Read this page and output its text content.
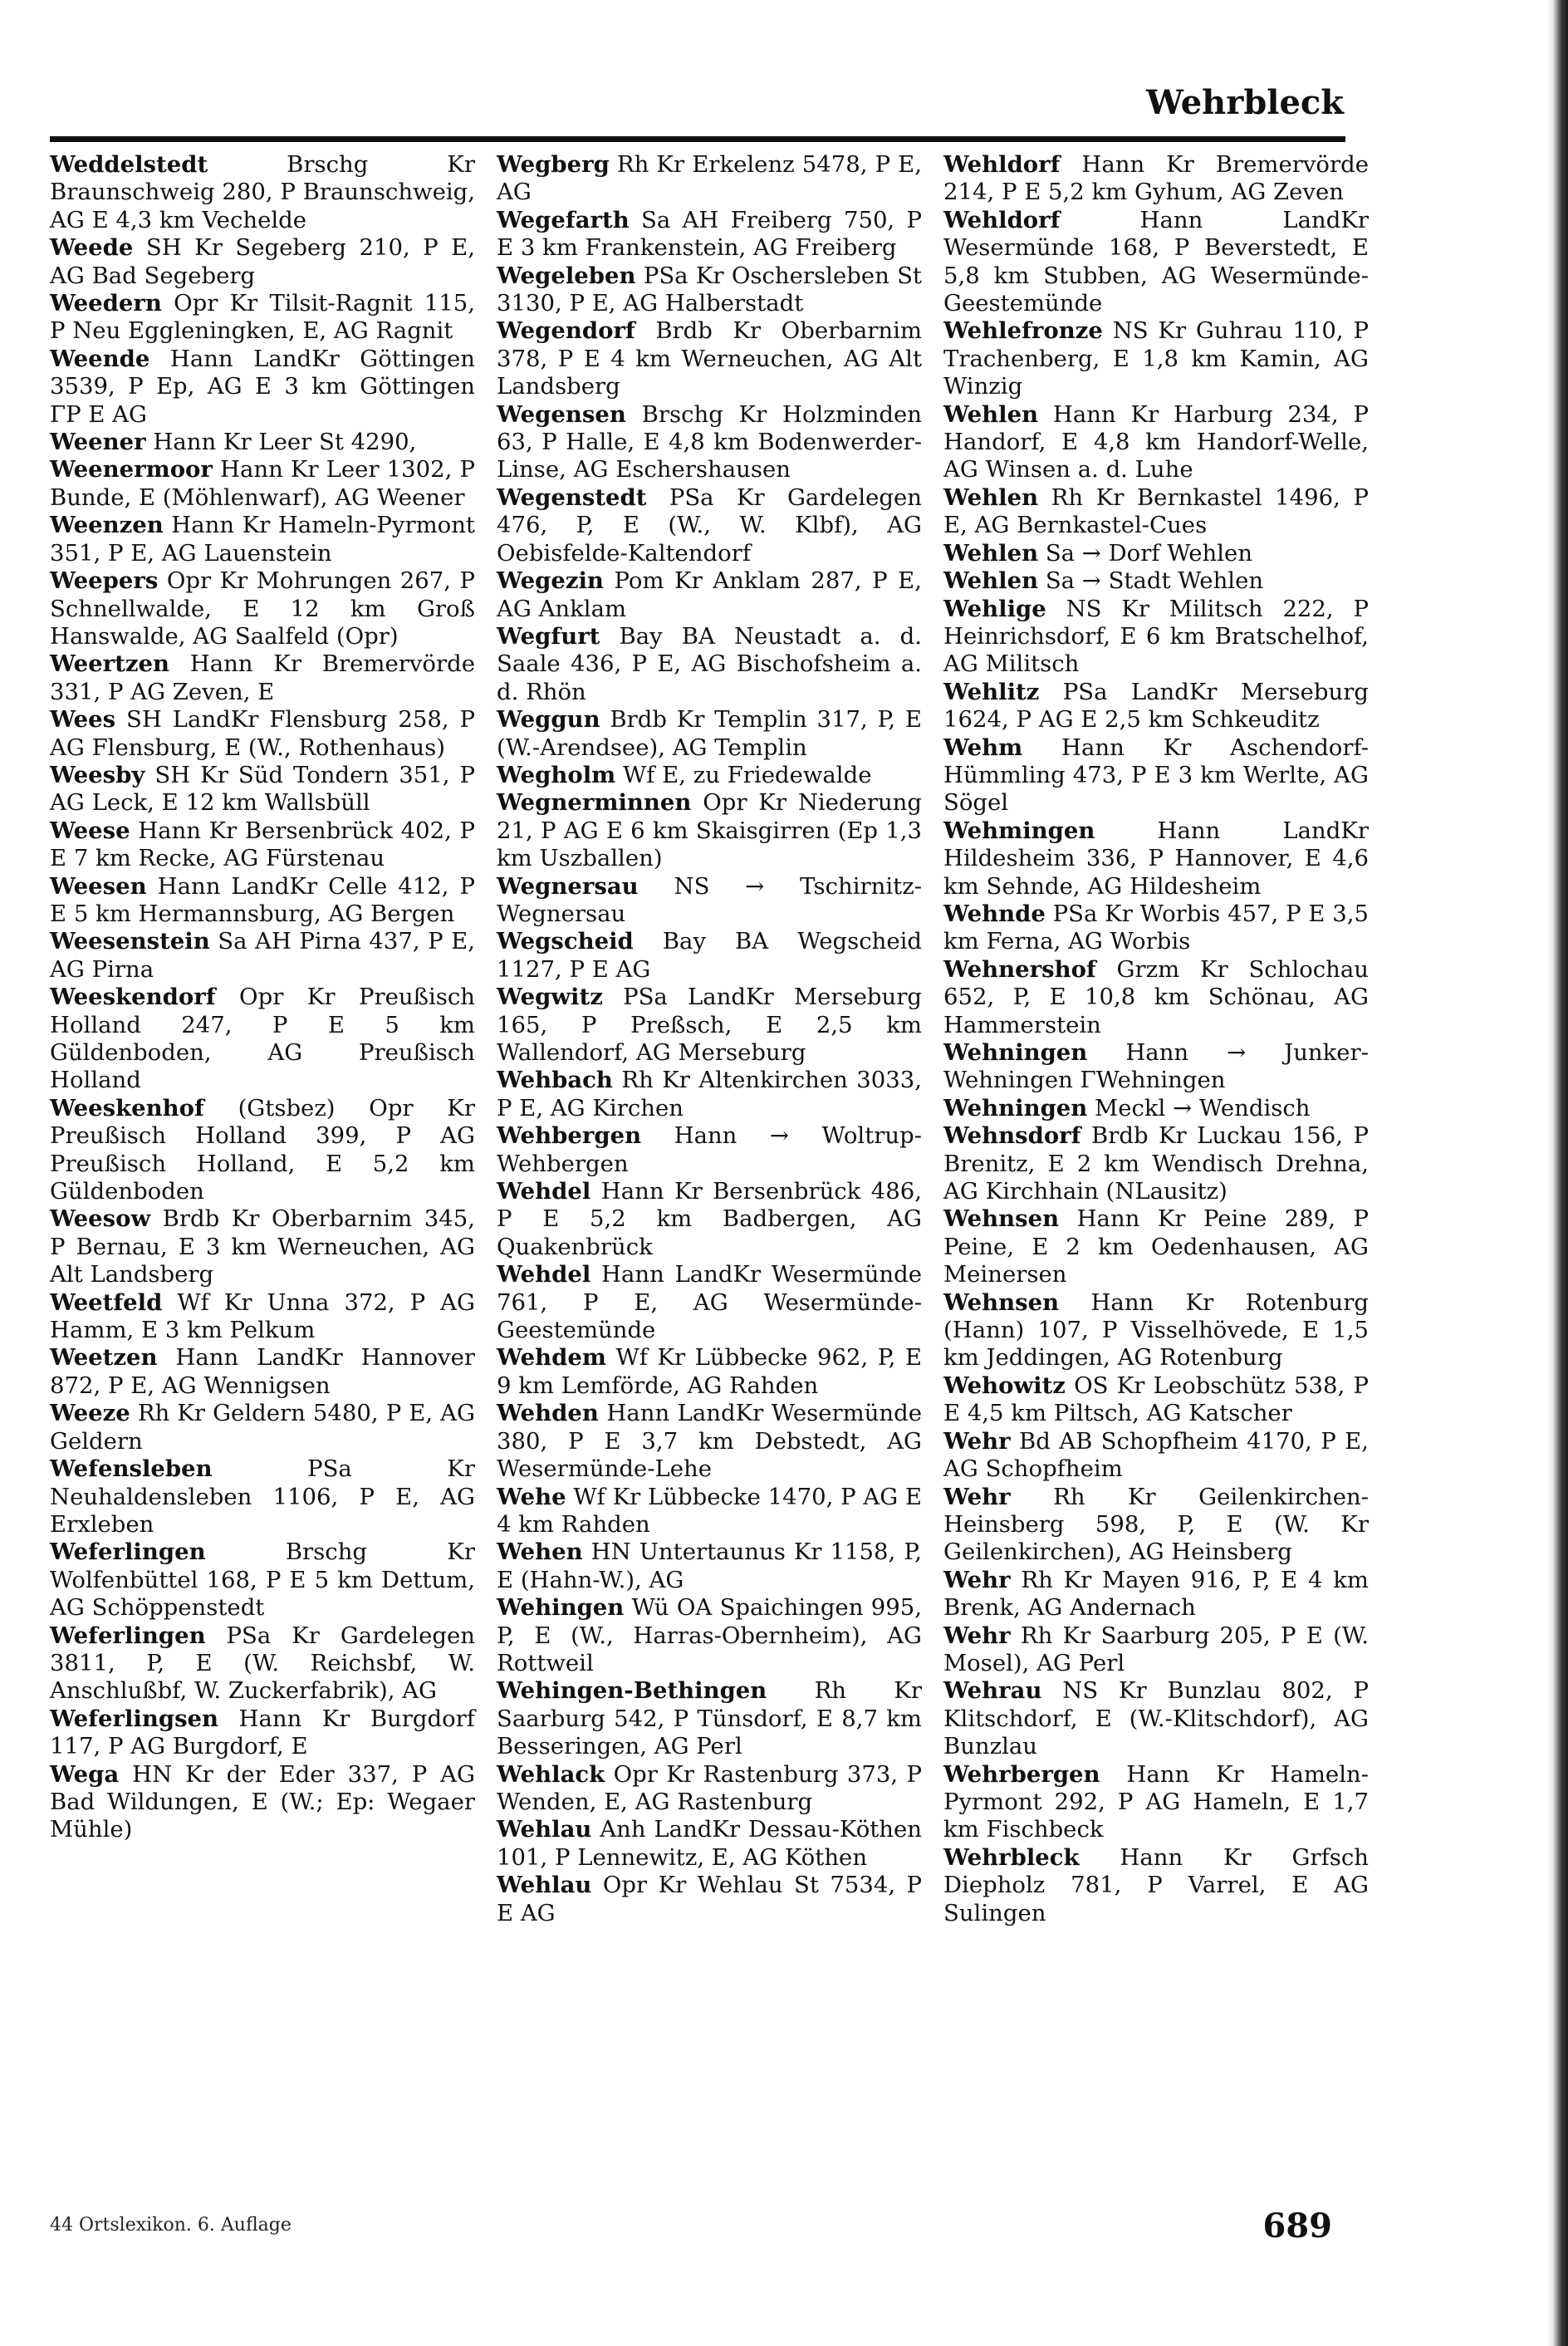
Wehrbleck

Weddelstedt	Brschg Kr Braunschweig 280, P Braunschweig, AG E 4,3 km Vechelde

Weede SH Kr Segeberg 210, P E, AG Bad Segeberg

Weedern Opr Kr Tilsit-Ragnit 115, P Neu Eggleningken, E, AG Ragnit

Weende Hann LandKr Göttingen 3539, P Ep, AG E 3 km Göttingen ΓP E AG

Weener Hann Kr Leer St 4290,

Weenermoor Hann Kr Leer 1302, P Bunde, E (Möhlenwarf), AG Weener

Weenzen Hann Kr Hameln-Pyrmont 351, P E, AG Lauenstein

Weepers Opr Kr Mohrungen 267, P Schnellwalde, E 12 km Groß Hanswalde, AG Saalfeld (Opr)

Weertzen Hann Kr Bremervörde 331, P AG Zeven, E

Wees SH LandKr Flensburg 258, P AG Flensburg, E (W., Rothenhaus)

Weesby SH Kr Süd Tondern 351, P AG Leck, E 12 km Wallsbüll

Weese Hann Kr Bersenbrück 402, P E 7 km Recke, AG Fürstenau

Weesen Hann LandKr Celle 412, P E 5 km Hermannsburg, AG Bergen

Weesenstein Sa AH Pirna 437, P E, AG Pirna

Weeskendorf Opr Kr Preußisch Holland 247, P E 5 km Güldenboden, AG Preußisch Holland

Weeskenhof (Gtsbez) Opr Kr Preußisch Holland 399, P AG Preußisch Holland, E 5,2 km Güldenboden

Weesow Brdb Kr Oberbarnim 345, P Bernau, E 3 km Werneuchen, AG Alt Landsberg

Weetfeld Wf Kr Unna 372, P AG Hamm, E 3 km Pelkum

Weetzen Hann LandKr Hannover 872, P E, AG Wennigsen

Weeze Rh Kr Geldern 5480, P E, AG Geldern

Wefensleben	PSa Kr Neuhaldensleben 1106, P E, AG Erxleben

Weferlingen	Brschg Kr Wolfenbüttel 168, P E 5 km Dettum, AG Schöppenstedt

Weferlingen PSa Kr Gardelegen 3811, P, E (W. Reichsbf, W. Anschlußbf, W. Zuckerfabrik), AG

Weferlingsen Hann Kr Burgdorf 117, P AG Burgdorf, E

Wega HN Kr der Eder 337, P AG Bad Wildungen, E (W.; Ep: Wegaer Mühle)

Wegberg Rh Kr Erkelenz 5478, P E, AG

Wegefarth Sa AH Freiberg 750, P E 3 km Frankenstein, AG Freiberg

Wegeleben PSa Kr Oschersleben St 3130, P E, AG Halberstadt

Wegendorf Brdb Kr Oberbarnim 378, P E 4 km Werneuchen, AG Alt Landsberg

Wegensen Brschg Kr Holzminden 63, P Halle, E 4,8 km Bodenwerder-Linse, AG Eschershausen

Wegenstedt PSa Kr Gardelegen 476, P, E (W., W. Klbf), AG Oebisfelde-Kaltendorf

Wegezin Pom Kr Anklam 287, P E, AG Anklam

Wegfurt Bay BA Neustadt a. d. Saale 436, P E, AG Bischofsheim a. d. Rhön

Weggun Brdb Kr Templin 317, P, E (W.-Arendsee), AG Templin

Wegholm Wf E, zu Friedewalde

Wegnerminnen Opr Kr Niederung 21, P AG E 6 km Skaisgirren (Ep 1,3 km Uszballen)

Wegnersau NS → Tschirnitz-Wegnersau

Wegscheid Bay BA Wegscheid 1127, P E AG

Wegwitz PSa LandKr Merseburg 165, P Preßsch, E 2,5 km Wallendorf, AG Merseburg

Wehbach Rh Kr Altenkirchen 3033, P E, AG Kirchen

Wehbergen Hann → Woltrup-Wehbergen

Wehdel Hann Kr Bersenbrück 486, P E 5,2 km Badbergen, AG Quakenbrück

Wehdel Hann LandKr Wesermünde 761, P E, AG Wesermünde-Geestemünde

Wehdem Wf Kr Lübbecke 962, P, E 9 km Lemförde, AG Rahden

Wehden Hann LandKr Wesermünde 380, P E 3,7 km Debstedt, AG Wesermünde-Lehe

Wehe Wf Kr Lübbecke 1470, P AG E 4 km Rahden

Wehen HN Untertaunus Kr 1158, P, E (Hahn-W.), AG

Wehingen Wü OA Spaichingen 995, P, E (W., Harras-Obernheim), AG Rottweil

Wehingen-Bethingen Rh Kr Saarburg 542, P Tünsdorf, E 8,7 km Besseringen, AG Perl

Wehlack Opr Kr Rastenburg 373, P Wenden, E, AG Rastenburg

Wehlau Anh LandKr Dessau-Köthen 101, P Lennewitz, E, AG Köthen

Wehlau Opr Kr Wehlau St 7534, P E AG

Wehldorf Hann Kr Bremervörde 214, P E 5,2 km Gyhum, AG Zeven

Wehldorf	Hann LandKr Wesermünde 168, P Beverstedt, E 5,8 km Stubben, AG Wesermünde-Geestemünde

Wehlefronze NS Kr Guhrau 110, P Trachenberg, E 1,8 km Kamin, AG Winzig

Wehlen Hann Kr Harburg 234, P Handorf, E 4,8 km Handorf-Welle, AG Winsen a. d. Luhe

Wehlen Rh Kr Bernkastel 1496, P E, AG Bernkastel-Cues

Wehlen Sa → Dorf Wehlen

Wehlen Sa → Stadt Wehlen

Wehlige NS Kr Militsch 222, P Heinrichsdorf, E 6 km Bratschelhof, AG Militsch

Wehlitz PSa LandKr Merseburg 1624, P AG E 2,5 km Schkeuditz

Wehm Hann Kr Aschendorf-Hümmling 473, P E 3 km Werlte, AG Sögel

Wehmingen	Hann LandKr Hildesheim 336, P Hannover, E 4,6 km Sehnde, AG Hildesheim

Wehnde PSa Kr Worbis 457, P E 3,5 km Ferna, AG Worbis

Wehnershof Grzm Kr Schlochau 652, P, E 10,8 km Schönau, AG Hammerstein

Wehningen Hann → Junker-Wehningen ΓWehningen

Wehningen Meckl → Wendisch

Wehnsdorf Brdb Kr Luckau 156, P Brenitz, E 2 km Wendisch Drehna, AG Kirchhain (NLausitz)

Wehnsen Hann Kr Peine 289, P Peine, E 2 km Oedenhausen, AG Meinersen

Wehnsen Hann Kr Rotenburg (Hann) 107, P Visselhövede, E 1,5 km Jeddingen, AG Rotenburg

Wehowitz OS Kr Leobschütz 538, P E 4,5 km Piltsch, AG Katscher

Wehr Bd AB Schopfheim 4170, P E, AG Schopfheim

Wehr Rh Kr Geilenkirchen-Heinsberg 598, P, E (W. Kr Geilenkirchen), AG Heinsberg

Wehr Rh Kr Mayen 916, P, E 4 km Brenk, AG Andernach

Wehr Rh Kr Saarburg 205, P E (W. Mosel), AG Perl

Wehrau NS Kr Bunzlau 802, P Klitschdorf, E (W.-Klitschdorf), AG Bunzlau

Wehrbergen Hann Kr Hameln-Pyrmont 292, P AG Hameln, E 1,7 km Fischbeck

Wehrbleck Hann Kr Grfsch Diepholz 781, P Varrel, E AG Sulingen

44 Ortslexikon. 6. Auflage	689
